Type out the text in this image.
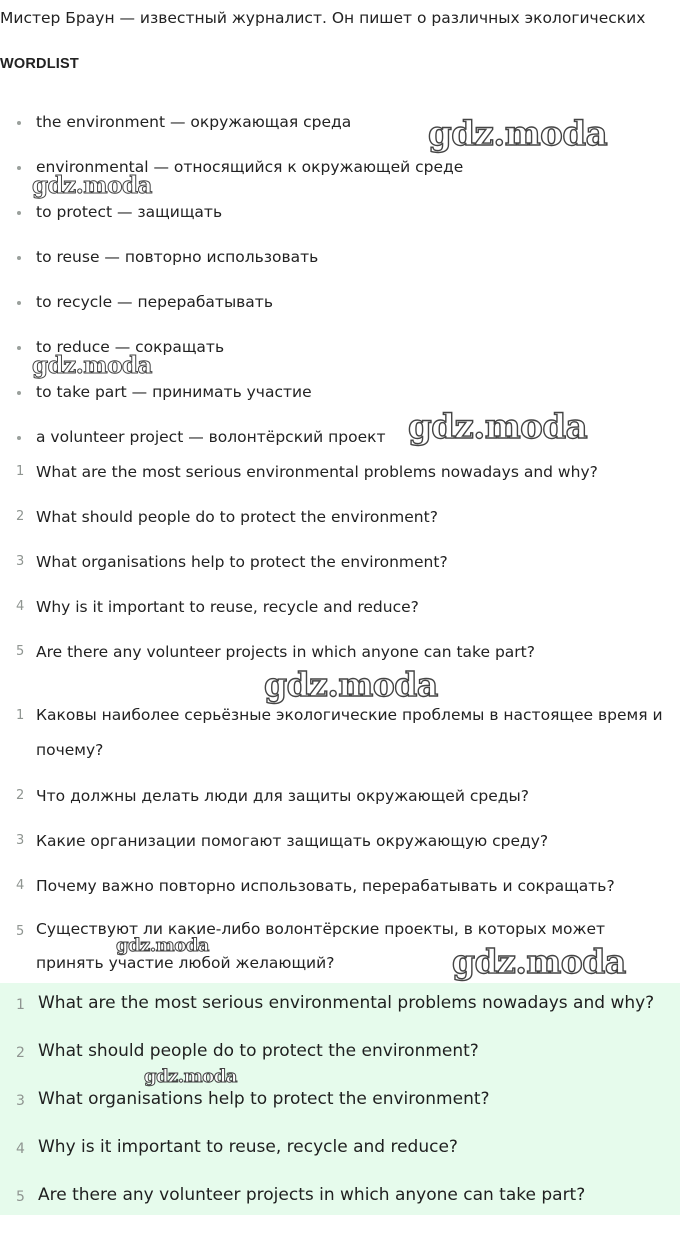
Мистер Браун — известный журналист. Он пишет о различных экологических
WORDLIST
the environment — окружающая среда
environmental — относящийся к окружающей среде
to protect — защищать
to reuse — повторно использовать
to recycle — перерабатывать
to reduce — сокращать
to take part — принимать участие
a volunteer project — волонтёрский проект
1 What are the most serious environmental problems nowadays and why?
2 What should people do to protect the environment?
3 What organisations help to protect the environment?
4 Why is it important to reuse, recycle and reduce?
5 Are there any volunteer projects in which anyone can take part?
1 Каковы наиболее серьёзные экологические проблемы в настоящее время и почему?
2 Что должны делать люди для защиты окружающей среды?
3 Какие организации помогают защищать окружающую среду?
4 Почему важно повторно использовать, перерабатывать и сокращать?
5 Существуют ли какие-либо волонтёрские проекты, в которых может принять участие любой желающий?
1 What are the most serious environmental problems nowadays and why?
2 What should people do to protect the environment?
3 What organisations help to protect the environment?
4 Why is it important to reuse, recycle and reduce?
5 Are there any volunteer projects in which anyone can take part?
gdz.moda
gdz.moda
gdz.moda
gdz.moda
gdz.moda
gdz.moda	gdz.moda
gdz.moda
